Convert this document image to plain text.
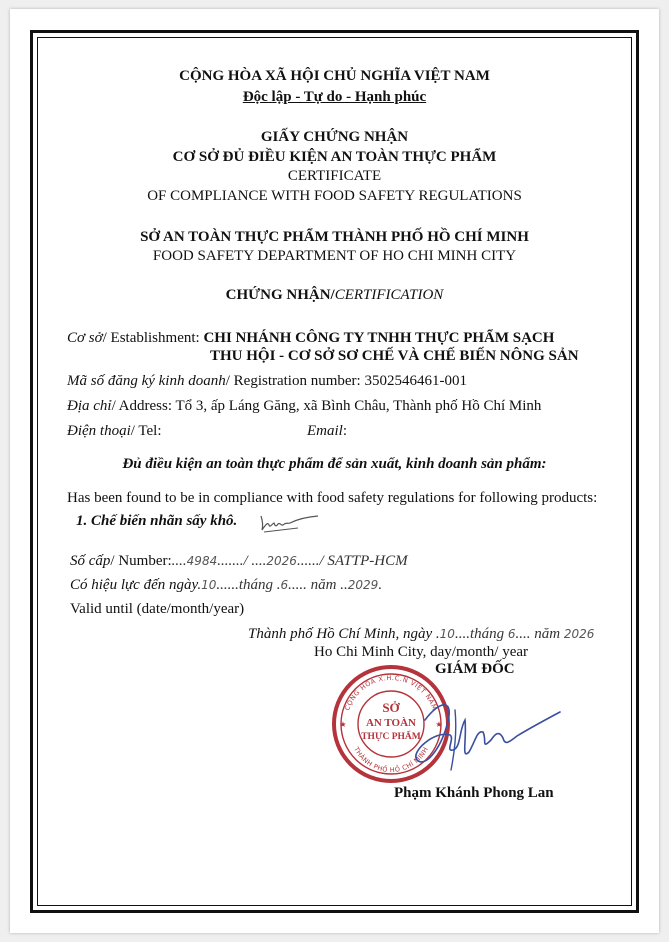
CỘNG HÒA XÃ HỘI CHỦ NGHĨA VIỆT NAM
Độc lập - Tự do - Hạnh phúc
GIẤY CHỨNG NHẬN
CƠ SỞ ĐỦ ĐIỀU KIỆN AN TOÀN THỰC PHẨM
CERTIFICATE
OF COMPLIANCE WITH FOOD SAFETY REGULATIONS
SỞ AN TOÀN THỰC PHẨM THÀNH PHỐ HỒ CHÍ MINH
FOOD SAFETY DEPARTMENT OF HO CHI MINH CITY
CHỨNG NHẬN/CERTIFICATION
Cơ sở/ Establishment: CHI NHÁNH CÔNG TY TNHH THỰC PHẨM SẠCH
THU HỘI - CƠ SỞ SƠ CHẾ VÀ CHẾ BIẾN NÔNG SẢN
Mã số đăng ký kinh doanh/ Registration number: 3502546461-001
Địa chỉ/ Address: Tổ 3, ấp Láng Găng, xã Bình Châu, Thành phố Hồ Chí Minh
Điện thoại/ Tel:	Email:
Đủ điều kiện an toàn thực phẩm để sản xuất, kinh doanh sản phẩm:
Has been found to be in compliance with food safety regulations for following products:
1. Chế biến nhãn sấy khô.
Số cấp/ Number:....4984......./ ....2026....../ SATTP-HCM
Có hiệu lực đến ngày.10......tháng .6..... năm ..2029.
Valid until (date/month/year)
Thành phố Hồ Chí Minh, ngày .10....tháng 6.... năm 2026
Ho Chi Minh City, day/month/ year
GIÁM ĐỐC
CỘNG HÒA X.H.C.N VIỆT NAM
THÀNH PHỐ HỒ CHÍ MINH
SỞ
AN TOÀN
THỰC PHẨM
★	★
Phạm Khánh Phong Lan
